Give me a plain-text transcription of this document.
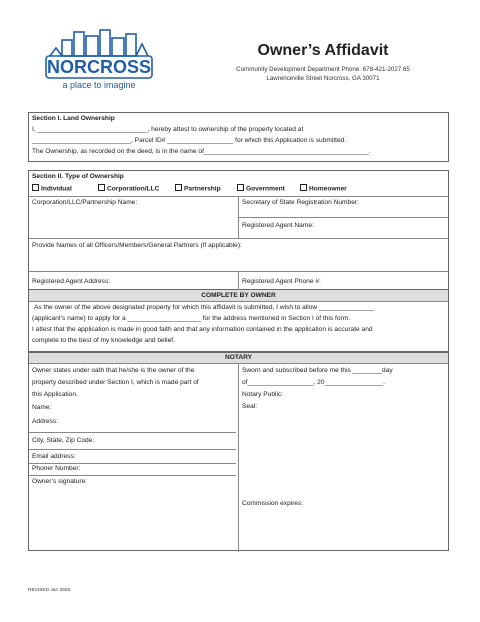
NORCROSS
a place to imagine
Owner’s Affidavit
Community Development Department Phone: 678-421-2027 65
Lawrenceville Street Norcross, GA 30071
Section I. Land Ownership
I, ______________________________, hereby attest to ownership of the property located at
___________________________, Parcel ID# __________________ for which this Application is submitted.
The Ownership, as recorded on the deed, is in the name of_____________________________________________.
Section II. Type of Ownership
Individual	Corporation/LLC	Partnership	Government	Homeowner
Corporation/LLC/Partnership Name:	Secretary of State Registration Number:
Registered Agent Name:
Provide Names of all Officers/Members/General Partners (If applicable):
Registered Agent Address:	Registered Agent Phone #:
COMPLETE BY OWNER
As the owner of the above designated property for which this affidavit is submitted, I wish to allow _______________
(applicant’s name) to apply for a ____________________ for the address mentioned in Section I of this form.
I attest that the application is made in good faith and that any information contained in the application is accurate and
complete to the best of my knowledge and belief.
NOTARY
Owner states under oath that he/she is the owner of the
property described under Section I, which is made part of
this Application.
Name:
Address:
City, State, Zip Code:
Email address:
Phoner Number:
Owner’s signature:
Sworn and subscribed before me this ________day
of__________________, 20________________.
Notary Public:
Seal:
Commission expires:
REVISED Jan 2025
